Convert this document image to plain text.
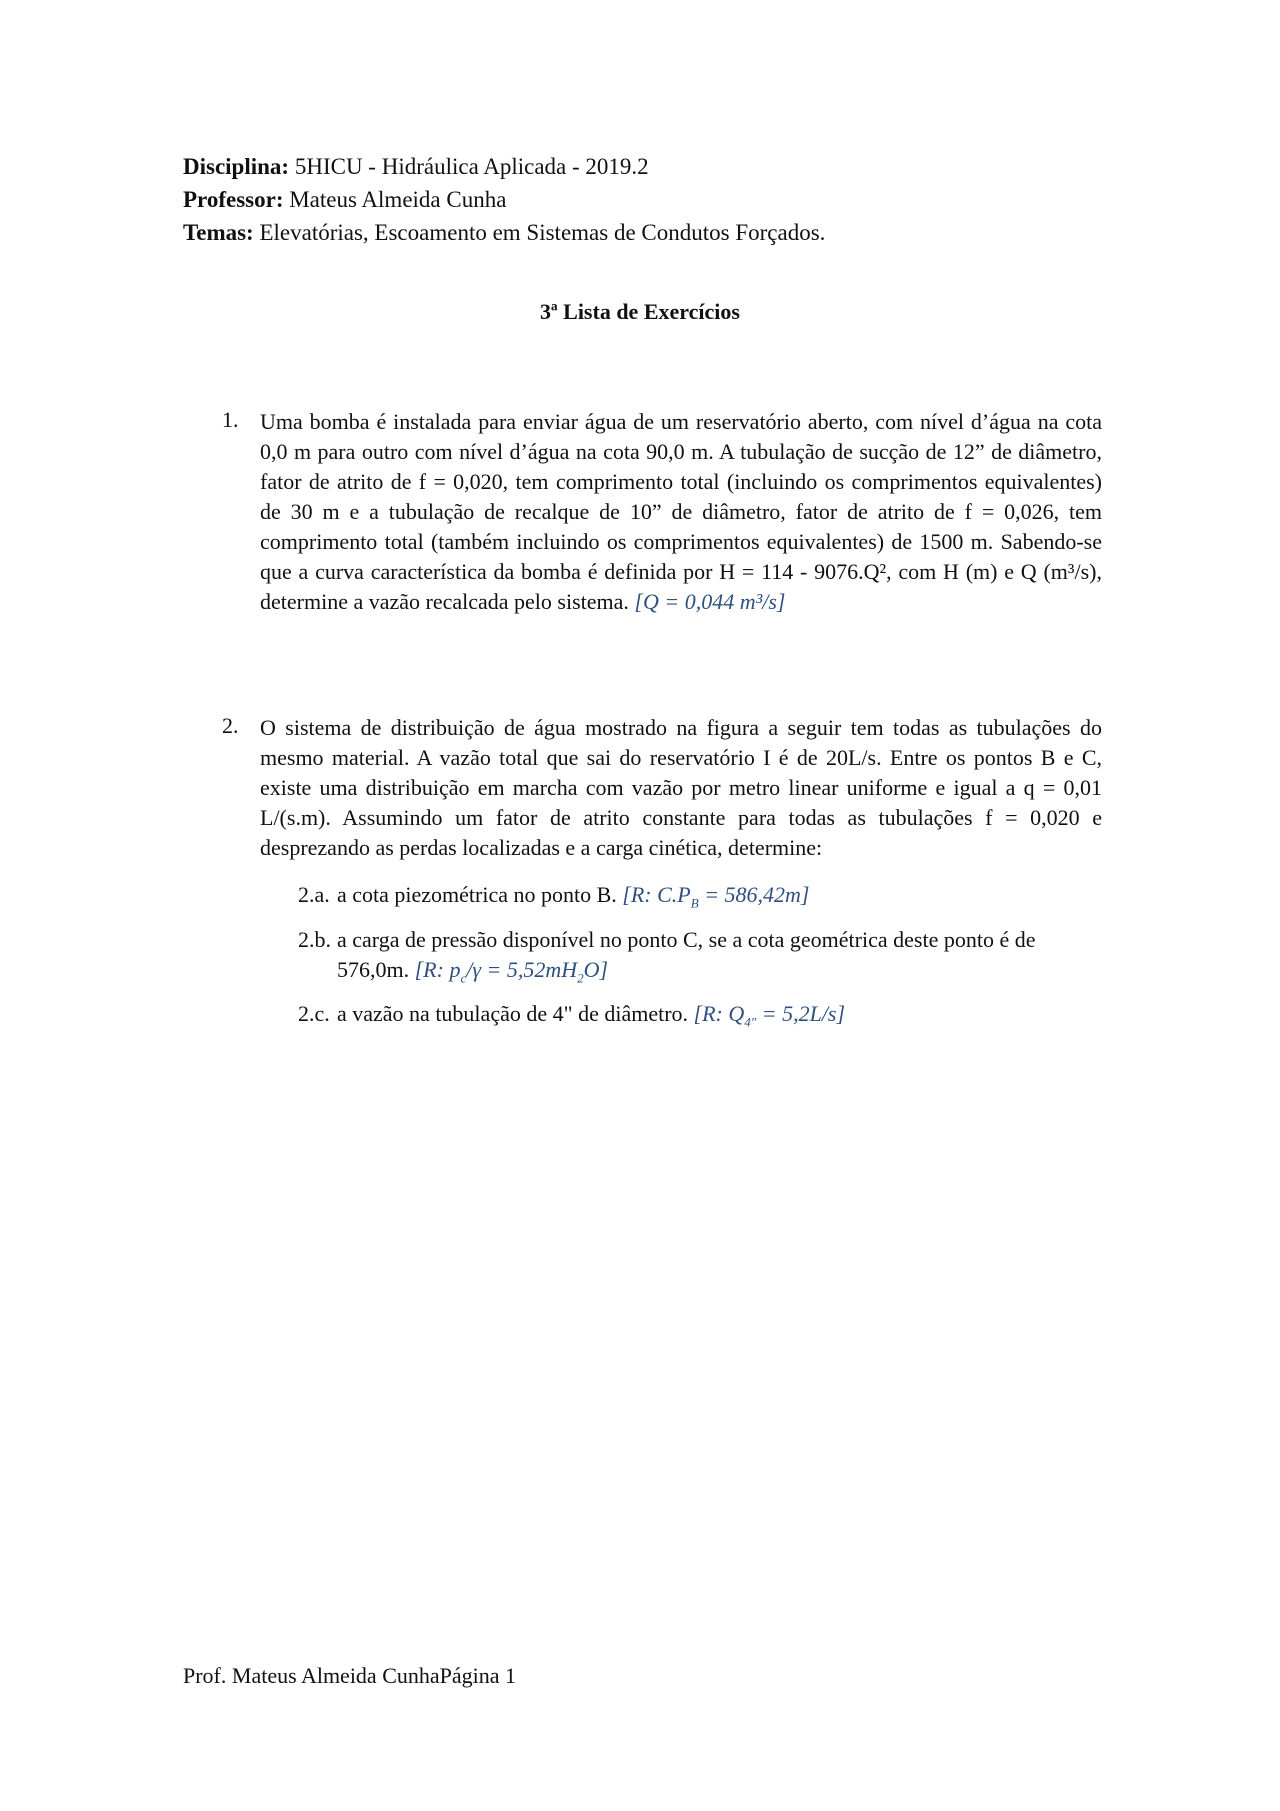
Disciplina: 5HICU - Hidráulica Aplicada - 2019.2
Professor: Mateus Almeida Cunha
Temas: Elevatórias, Escoamento em Sistemas de Condutos Forçados.
3ª Lista de Exercícios
1. Uma bomba é instalada para enviar água de um reservatório aberto, com nível d’água na cota 0,0 m para outro com nível d’água na cota 90,0 m. A tubulação de sucção de 12” de diâmetro, fator de atrito de f = 0,020, tem comprimento total (incluindo os comprimentos equivalentes) de 30 m e a tubulação de recalque de 10” de diâmetro, fator de atrito de f = 0,026, tem comprimento total (também incluindo os comprimentos equivalentes) de 1500 m. Sabendo-se que a curva característica da bomba é definida por H = 114 - 9076.Q², com H (m) e Q (m³/s), determine a vazão recalcada pelo sistema. [Q = 0,044 m³/s]
2. O sistema de distribuição de água mostrado na figura a seguir tem todas as tubulações do mesmo material. A vazão total que sai do reservatório I é de 20L/s. Entre os pontos B e C, existe uma distribuição em marcha com vazão por metro linear uniforme e igual a q = 0,01 L/(s.m). Assumindo um fator de atrito constante para todas as tubulações f = 0,020 e desprezando as perdas localizadas e a carga cinética, determine:
2.a. a cota piezométrica no ponto B. [R: $C.P_B = 586,42m$]
2.b. a carga de pressão disponível no ponto C, se a cota geométrica deste ponto é de
576,0m. [R: $p_c/\gamma = 5,52mH_2O$]
2.c. a vazão na tubulação de 4" de diâmetro. [R: $Q_{4"} = 5,2L/s$]
Prof. Mateus Almeida CunhaPágina 1
